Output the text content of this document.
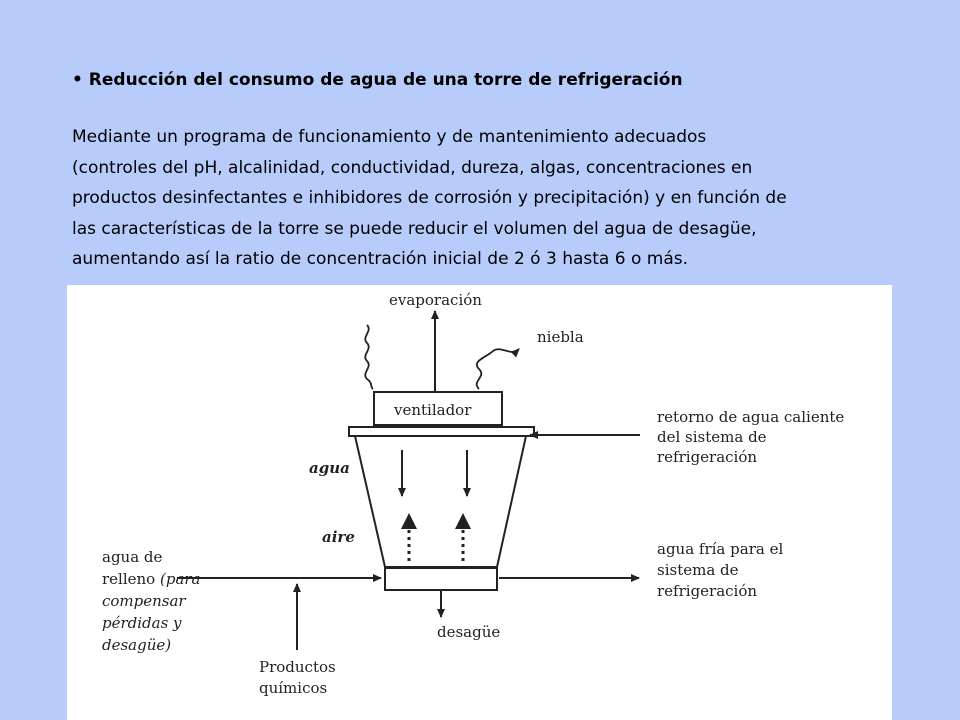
• Reducción del consumo de agua de una torre de refrigeración
Mediante un programa de funcionamiento y de mantenimiento adecuados
(controles del pH, alcalinidad, conductividad, dureza, algas, concentraciones en
productos desinfectantes e inhibidores de corrosión y precipitación) y en función de
las características de la torre se puede reducir el volumen del agua de desagüe,
aumentando así la ratio de concentración inicial de 2 ó 3 hasta 6 o más.
evaporación
niebla
ventilador	retorno de agua caliente
del sistema de
refrigeración
agua
aire
agua de
relleno (para
compensar
pérdidas y
desagüe)
Productos
químicos
agua fría para el
sistema de
refrigeración
desagüe
